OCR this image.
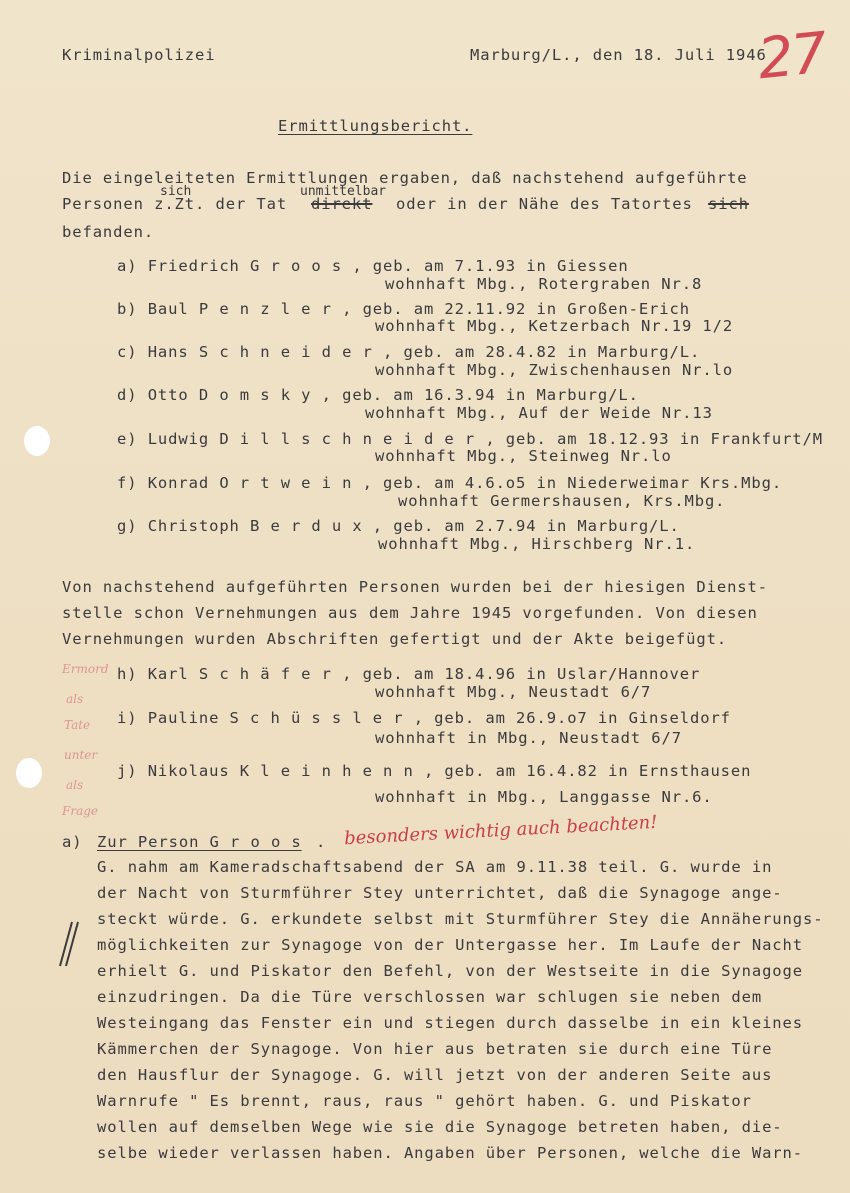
Kriminalpolizei	Marburg/L., den 18. Juli 1946
27
Ermittlungsbericht.
Die eingeleiteten Ermittlungen ergaben, daß nachstehend aufgeführte
sich	unmittelbar
Personen z.Zt. der Tat direkt oder in der Nähe des Tatortes sich
befanden.
a) Friedrich G r o o s , geb. am 7.1.93 in Giessen
wohnhaft Mbg., Rotergraben Nr.8
b) Baul P e n z l e r , geb. am 22.11.92 in Großen-Erich
wohnhaft Mbg., Ketzerbach Nr.19 1/2
c) Hans S c h n e i d e r , geb. am 28.4.82 in Marburg/L.
wohnhaft Mbg., Zwischenhausen Nr.lo
d) Otto D o m s k y , geb. am 16.3.94 in Marburg/L.
wohnhaft Mbg., Auf der Weide Nr.13
e) Ludwig D i l l s c h n e i d e r , geb. am 18.12.93 in Frankfurt/M
wohnhaft Mbg., Steinweg Nr.lo
f) Konrad O r t w e i n , geb. am 4.6.o5 in Niederweimar Krs.Mbg.
wohnhaft Germershausen, Krs.Mbg.
g) Christoph B e r d u x , geb. am 2.7.94 in Marburg/L.
wohnhaft Mbg., Hirschberg Nr.1.
Von nachstehend aufgeführten Personen wurden bei der hiesigen Dienst-
stelle schon Vernehmungen aus dem Jahre 1945 vorgefunden. Von diesen
Vernehmungen wurden Abschriften gefertigt und der Akte beigefügt.
h) Karl S c h ä f e r , geb. am 18.4.96 in Uslar/Hannover
wohnhaft Mbg., Neustadt 6/7
i) Pauline S c h ü s s l e r , geb. am 26.9.o7 in Ginseldorf
wohnhaft in Mbg., Neustadt 6/7
j) Nikolaus K l e i n h e n n , geb. am 16.4.82 in Ernsthausen
wohnhaft in Mbg., Langgasse Nr.6.
Ermord
als
Tate
unter
als
Frage
a) Zur Person G r o o s . besonders wichtig auch beachten!
G. nahm am Kameradschaftsabend der SA am 9.11.38 teil. G. wurde in
der Nacht von Sturmführer Stey unterrichtet, daß die Synagoge ange-
steckt würde. G. erkundete selbst mit Sturmführer Stey die Annäherungs-
möglichkeiten zur Synagoge von der Untergasse her. Im Laufe der Nacht
erhielt G. und Piskator den Befehl, von der Westseite in die Synagoge
einzudringen. Da die Türe verschlossen war schlugen sie neben dem
Westeingang das Fenster ein und stiegen durch dasselbe in ein kleines
Kämmerchen der Synagoge. Von hier aus betraten sie durch eine Türe
den Hausflur der Synagoge. G. will jetzt von der anderen Seite aus
Warnrufe " Es brennt, raus, raus " gehört haben. G. und Piskator
wollen auf demselben Wege wie sie die Synagoge betreten haben, die-
selbe wieder verlassen haben. Angaben über Personen, welche die Warn-
